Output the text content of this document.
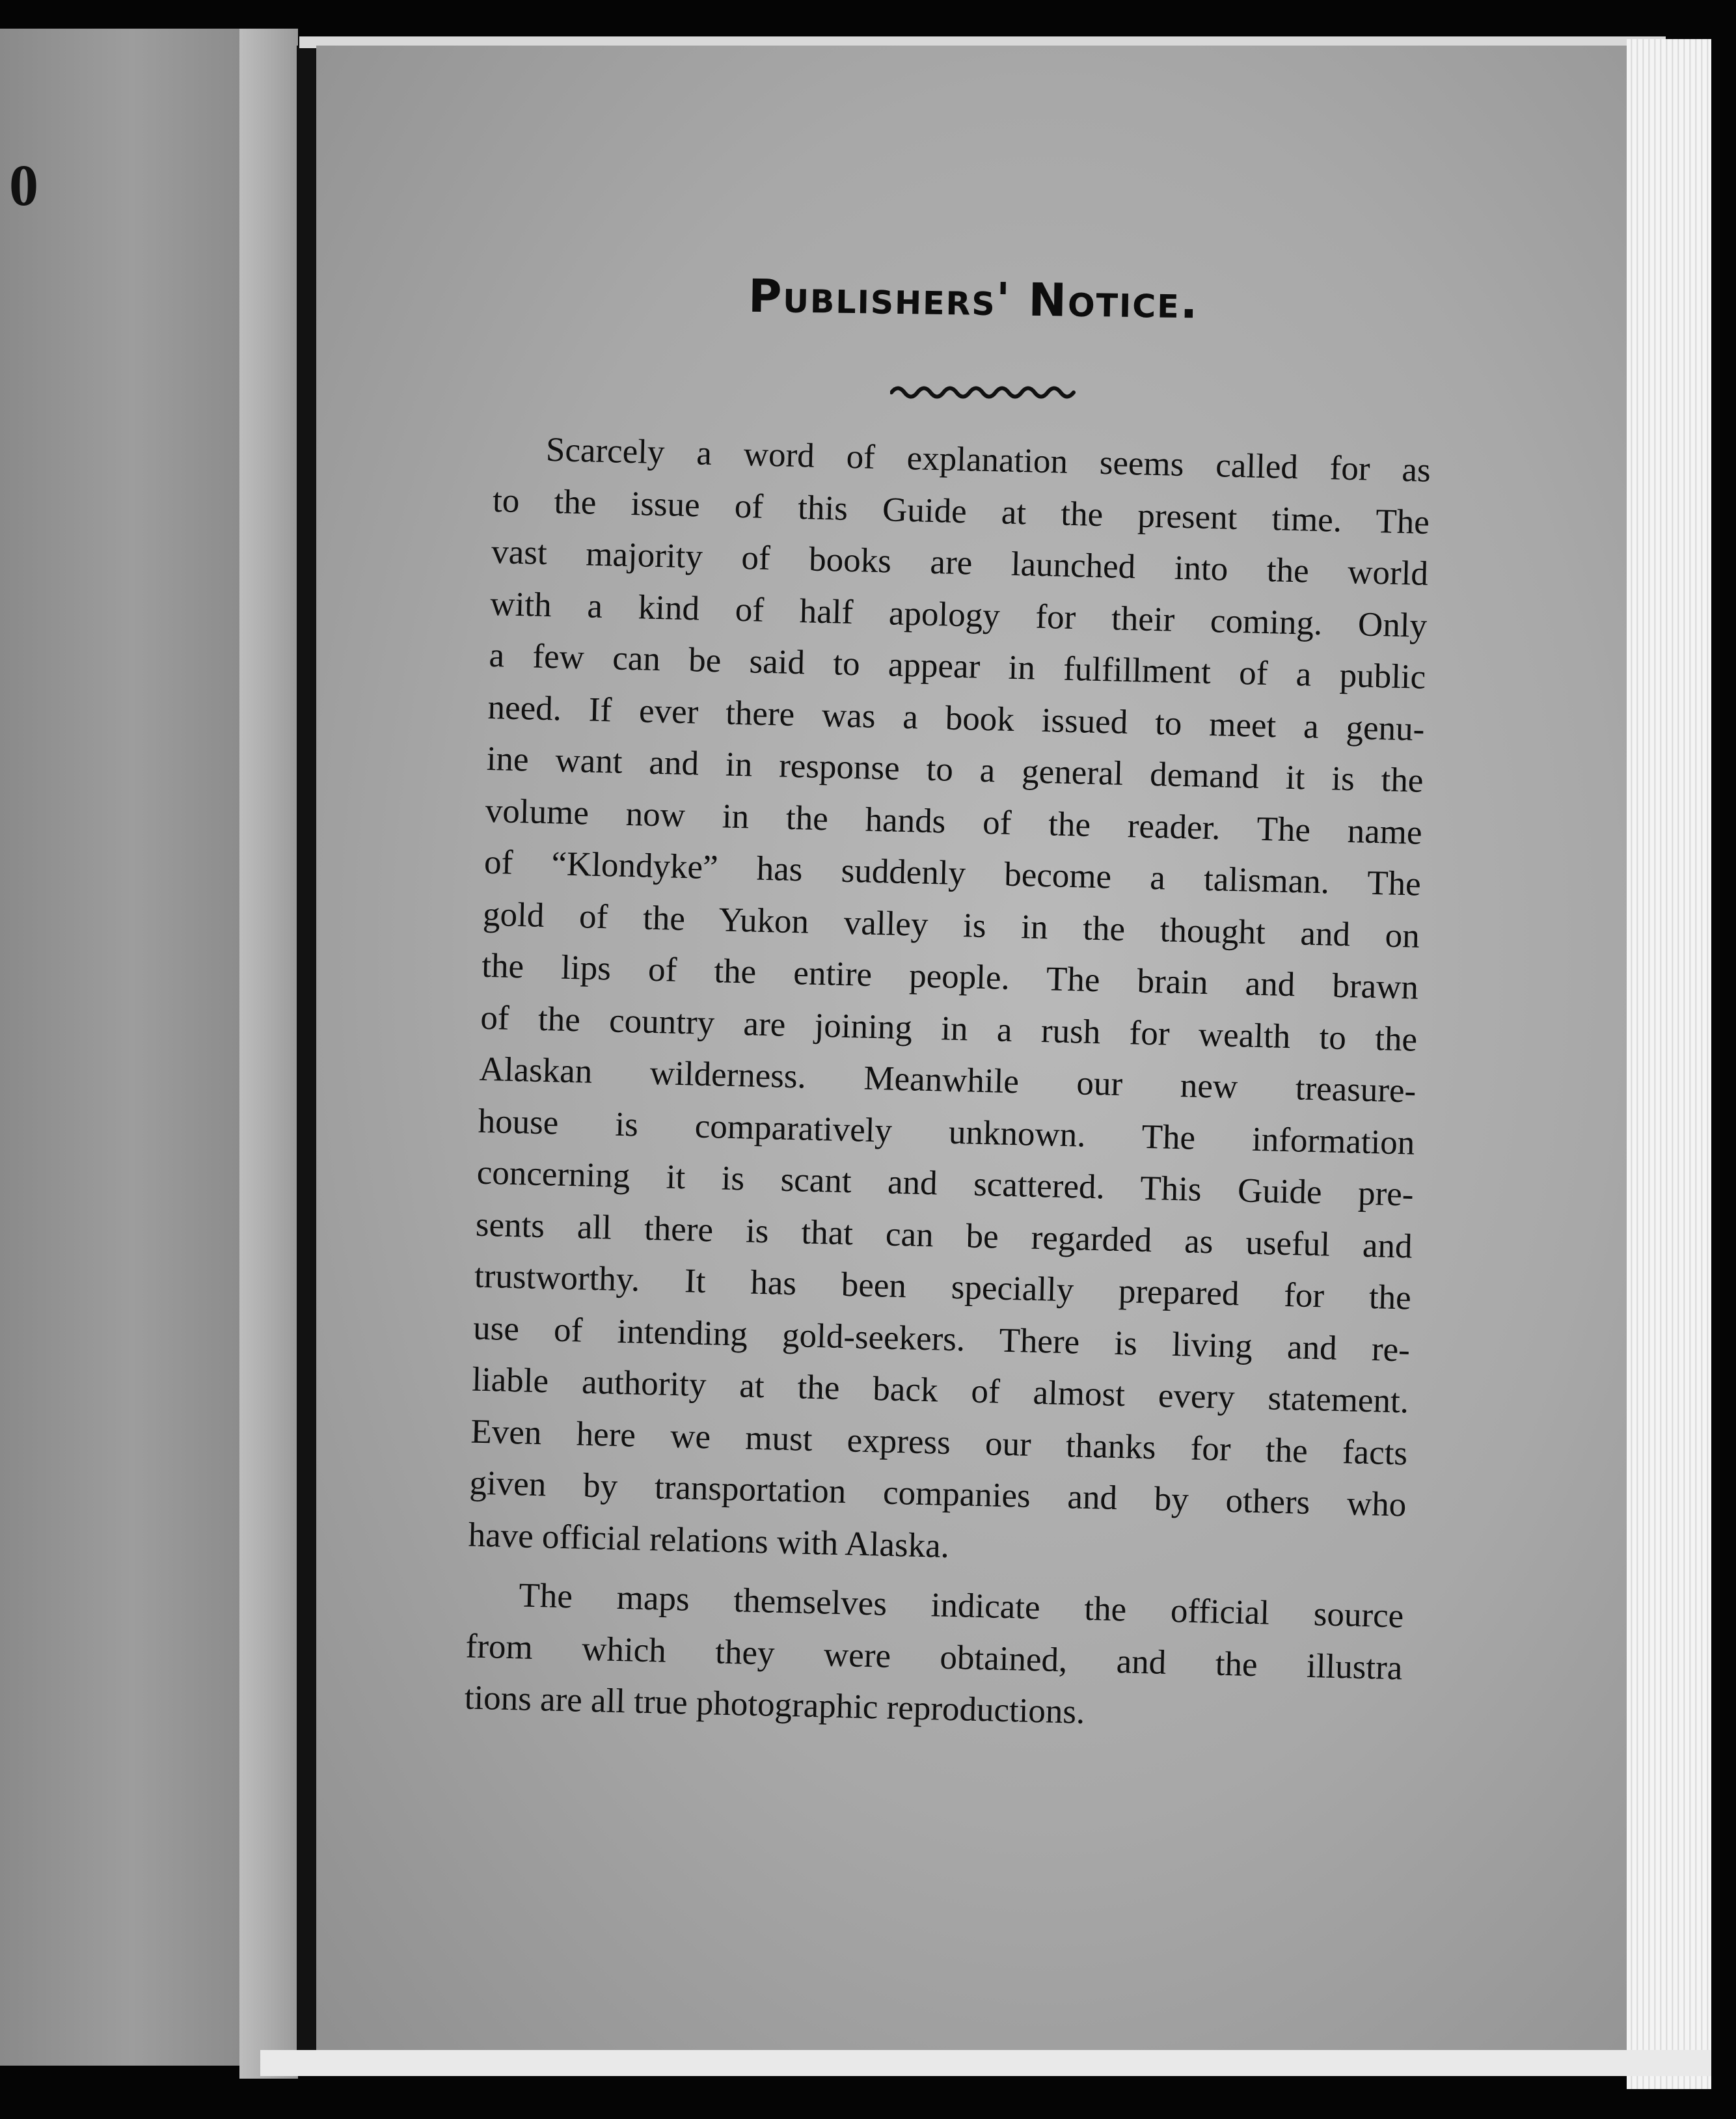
0
Publishers' Notice.
Scarcely a word of explanation seems called for as
to the issue of this Guide at the present time. The
vast majority of books are launched into the world
with a kind of half apology for their coming. Only
a few can be said to appear in fulfillment of a public
need. If ever there was a book issued to meet a genu-
ine want and in response to a general demand it is the
volume now in the hands of the reader. The name
of “Klondyke” has suddenly become a talisman. The
gold of the Yukon valley is in the thought and on
the lips of the entire people. The brain and brawn
of the country are joining in a rush for wealth to the
Alaskan wilderness. Meanwhile our new treasure-
house is comparatively unknown. The information
concerning it is scant and scattered. This Guide pre-
sents all there is that can be regarded as useful and
trustworthy. It has been specially prepared for the
use of intending gold-seekers. There is living and re-
liable authority at the back of almost every statement.
Even here we must express our thanks for the facts
given by transportation companies and by others who
have official relations with Alaska.
The maps themselves indicate the official source
from which they were obtained, and the illustra
tions are all true photographic reproductions.
